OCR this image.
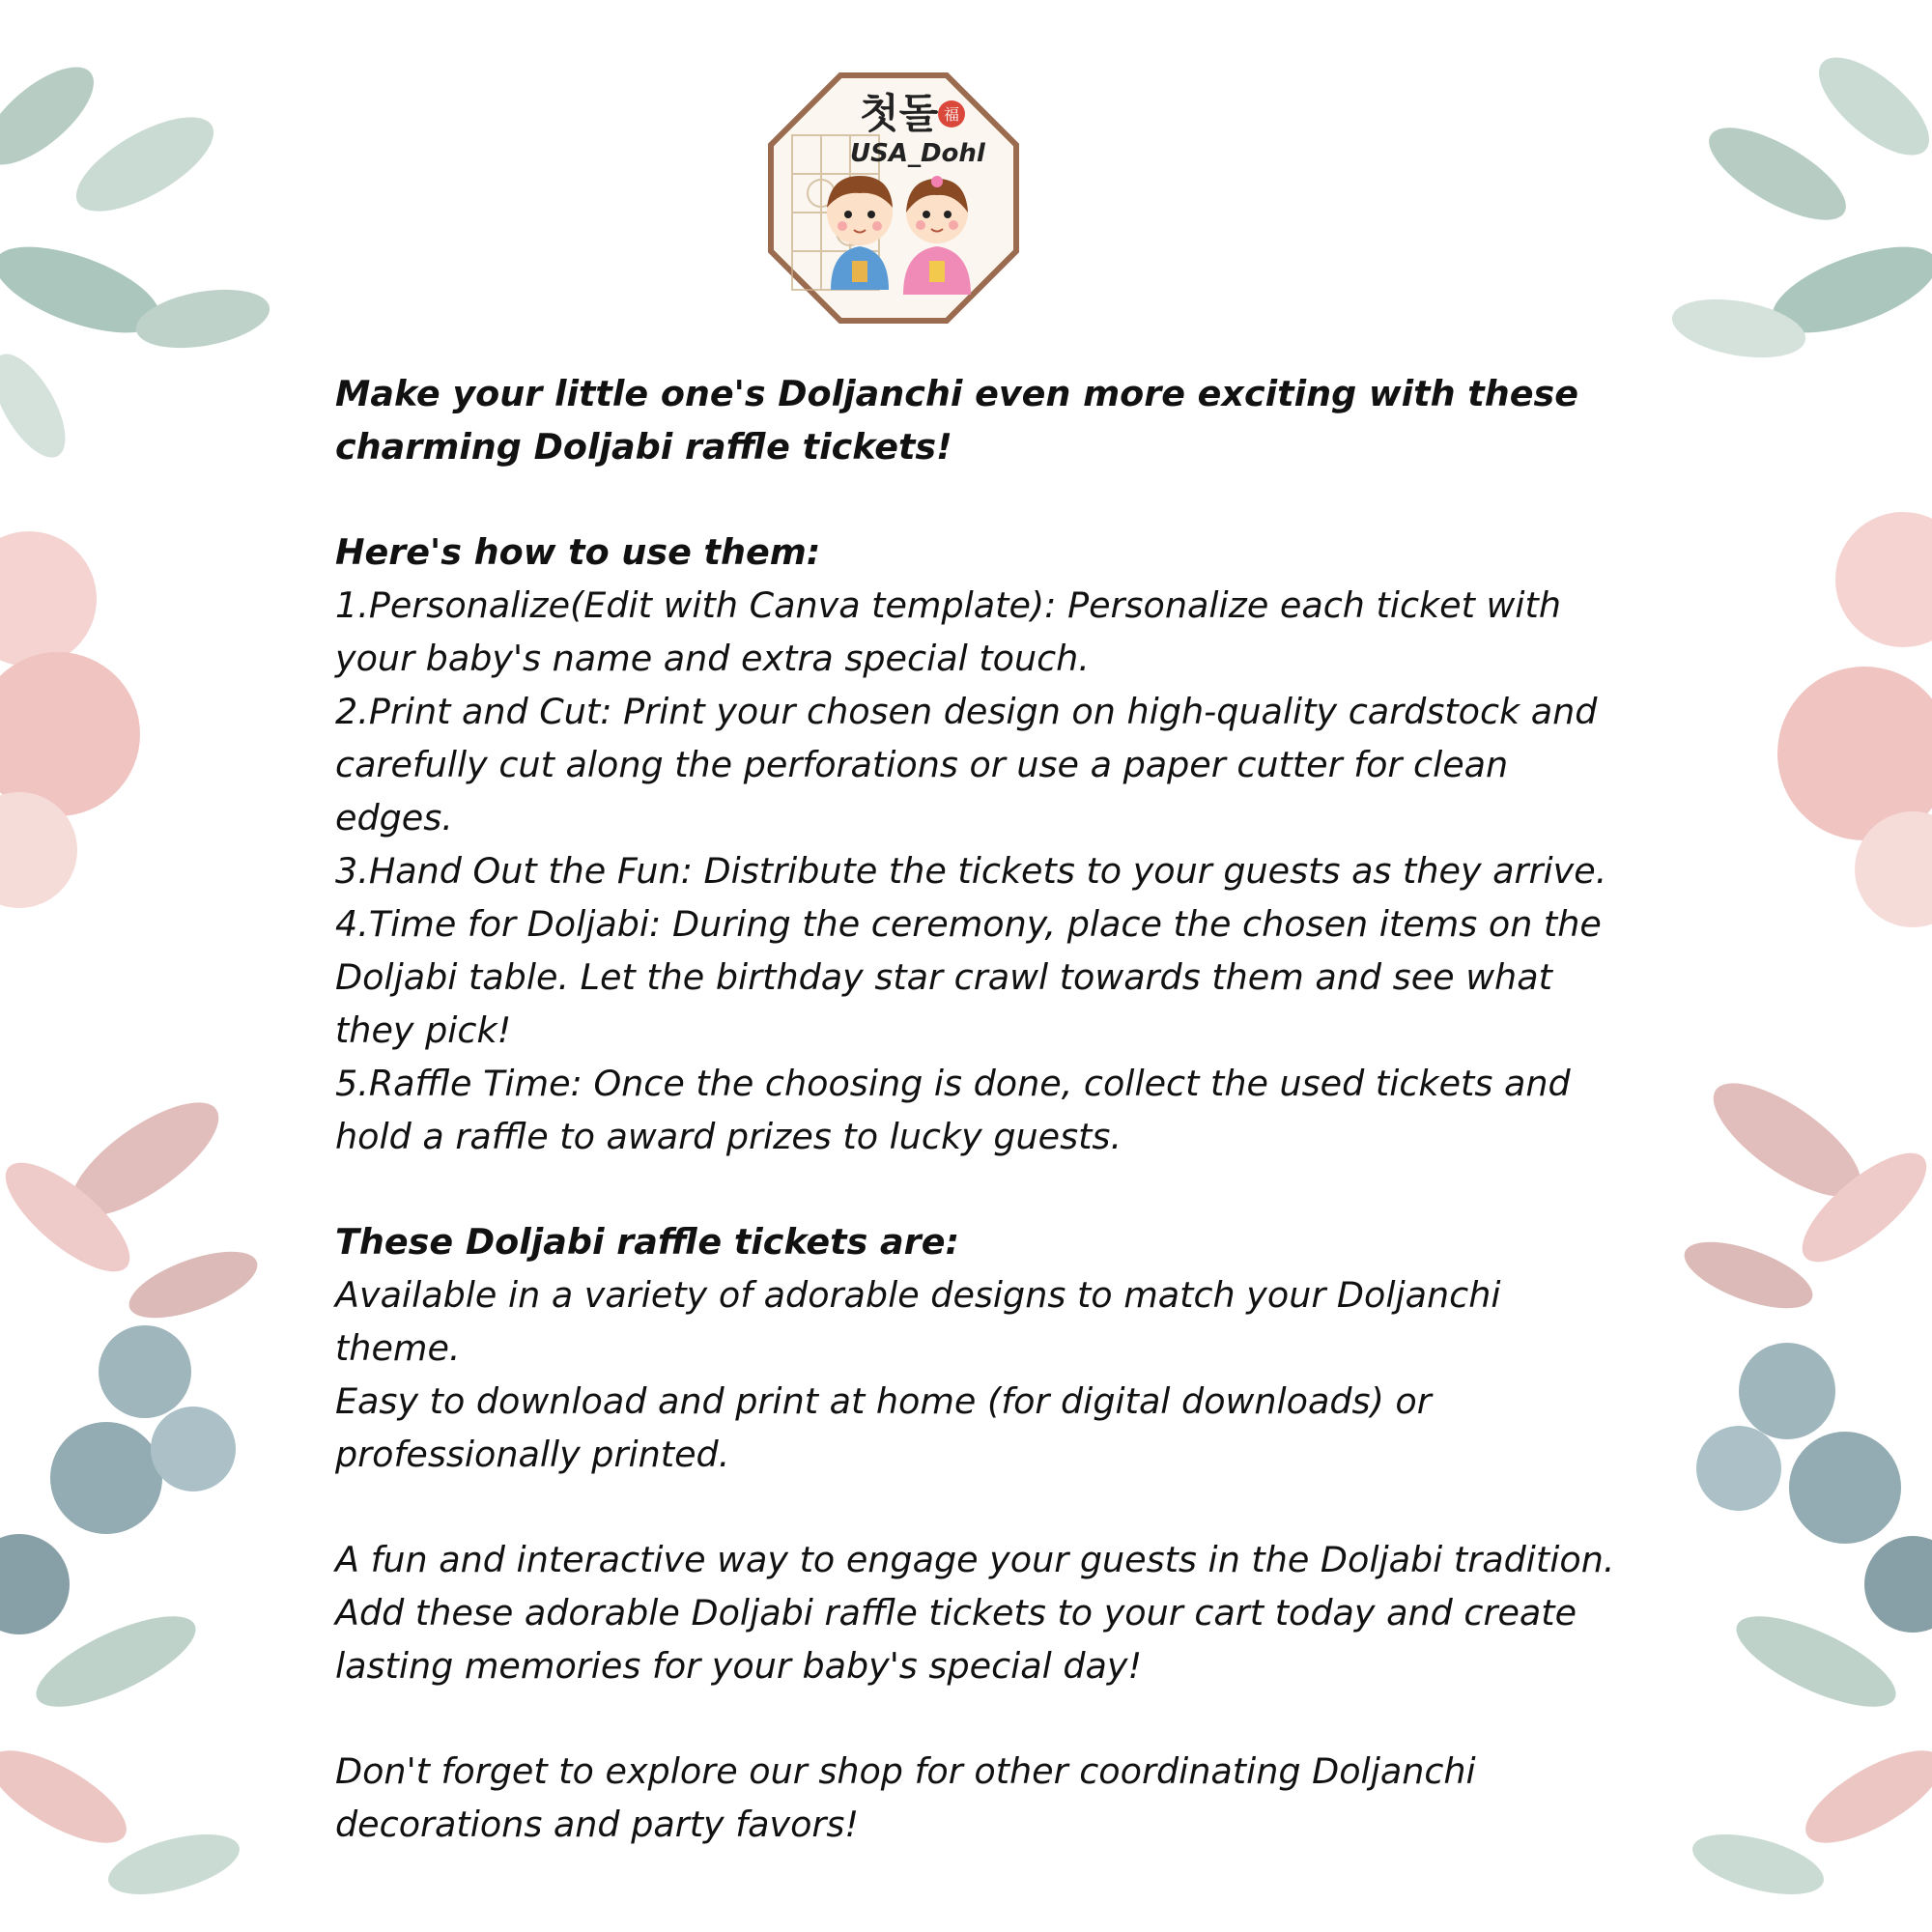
첫돌 福
USA_Dohl

Make your little one's Doljanchi even more exciting with these charming Doljabi raffle tickets!

Here's how to use them:

1.Personalize(Edit with Canva template): Personalize each ticket with your baby's name and extra special touch.

2.Print and Cut: Print your chosen design on high-quality cardstock and carefully cut along the perforations or use a paper cutter for clean edges.

3.Hand Out the Fun: Distribute the tickets to your guests as they arrive.

4.Time for Doljabi: During the ceremony, place the chosen items on the Doljabi table. Let the birthday star crawl towards them and see what they pick!

5.Raffle Time: Once the choosing is done, collect the used tickets and hold a raffle to award prizes to lucky guests.

These Doljabi raffle tickets are:

Available in a variety of adorable designs to match your Doljanchi theme.

Easy to download and print at home (for digital downloads) or professionally printed.

A fun and interactive way to engage your guests in the Doljabi tradition.

Add these adorable Doljabi raffle tickets to your cart today and create lasting memories for your baby's special day!

Don't forget to explore our shop for other coordinating Doljanchi decorations and party favors!
